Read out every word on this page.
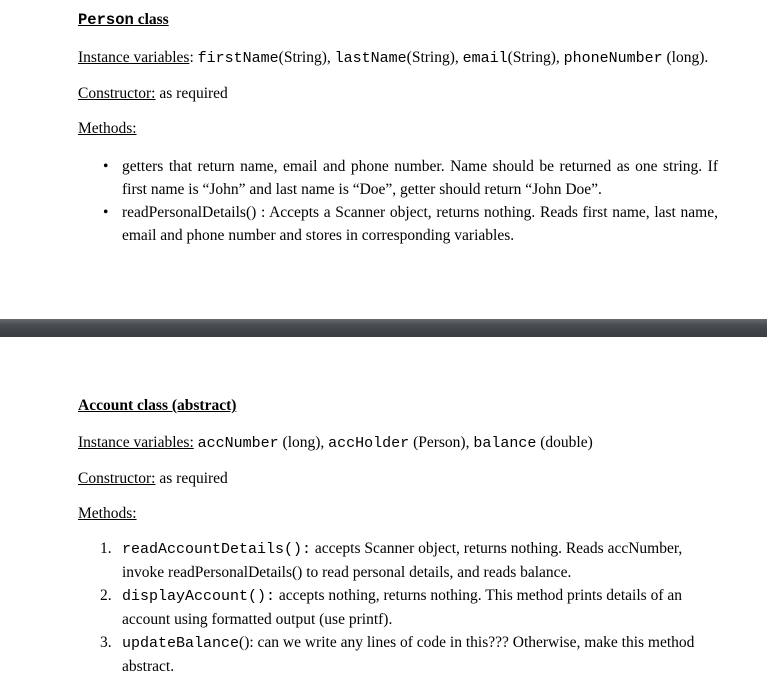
Person class

Instance variables: firstName(String), lastName(String), email(String), phoneNumber (long).

Constructor: as required

Methods:

• getters that return name, email and phone number. Name should be returned as one string. If first name is “John” and last name is “Doe”, getter should return “John Doe”.
• readPersonalDetails() : Accepts a Scanner object, returns nothing. Reads first name, last name, email and phone number and stores in corresponding variables.
Account class (abstract)

Instance variables: accNumber (long), accHolder (Person), balance (double)

Constructor: as required

Methods:

1. readAccountDetails(): accepts Scanner object, returns nothing. Reads accNumber, invoke readPersonalDetails() to read personal details, and reads balance.
2. displayAccount(): accepts nothing, returns nothing. This method prints details of an account using formatted output (use printf).
3. updateBalance(): can we write any lines of code in this??? Otherwise, make this method abstract.
